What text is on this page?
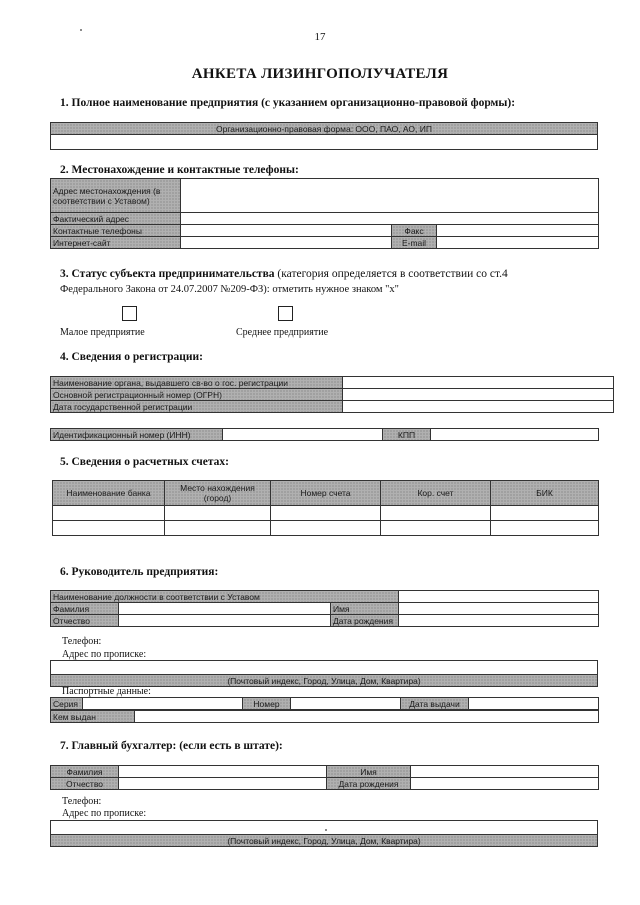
17
АНКЕТА ЛИЗИНГОПОЛУЧАТЕЛЯ
1. Полное наименование предприятия (с указанием организационно-правовой формы):
Организационно-правовая форма: ООО, ПАО, АО, ИП

2. Местонахождение и контактные телефоны:
Адрес местонахождения (в соответствии с Уставом)			
Фактический адрес			
Контактные телефоны		Факс	
Интернет-сайт		E-mail	
3. Статус субъекта предпринимательства (категория определяется в соответствии со ст.4
Федерального Закона от 24.07.2007 №209-ФЗ): отметить нужное знаком "х"
Малое предприятие	Среднее предприятие
4. Сведения о регистрации:
Наименование органа, выдавшего св-во о гос. регистрации	
Основной регистрационный номер (ОГРН)	
Дата государственной регистрации	
Идентификационный номер (ИНН)		КПП	
5. Сведения о расчетных счетах:
Наименование банка	Место нахождения (город)	Номер счета	Кор. счет	БИК

6. Руководитель предприятия:
Наименование должности в соответствии с Уставом			
Фамилия		Имя	
Отчество		Дата рождения	
Телефон:
Адрес по прописке:

(Почтовый индекс, Город, Улица, Дом, Квартира)
Паспортные данные:
Серия		Номер		Дата выдачи	
Кем выдан	
7. Главный бухгалтер: (если есть в штате):
Фамилия		Имя	
Отчество		Дата рождения	
Телефон:
Адрес по прописке:

(Почтовый индекс, Город, Улица, Дом, Квартира)
